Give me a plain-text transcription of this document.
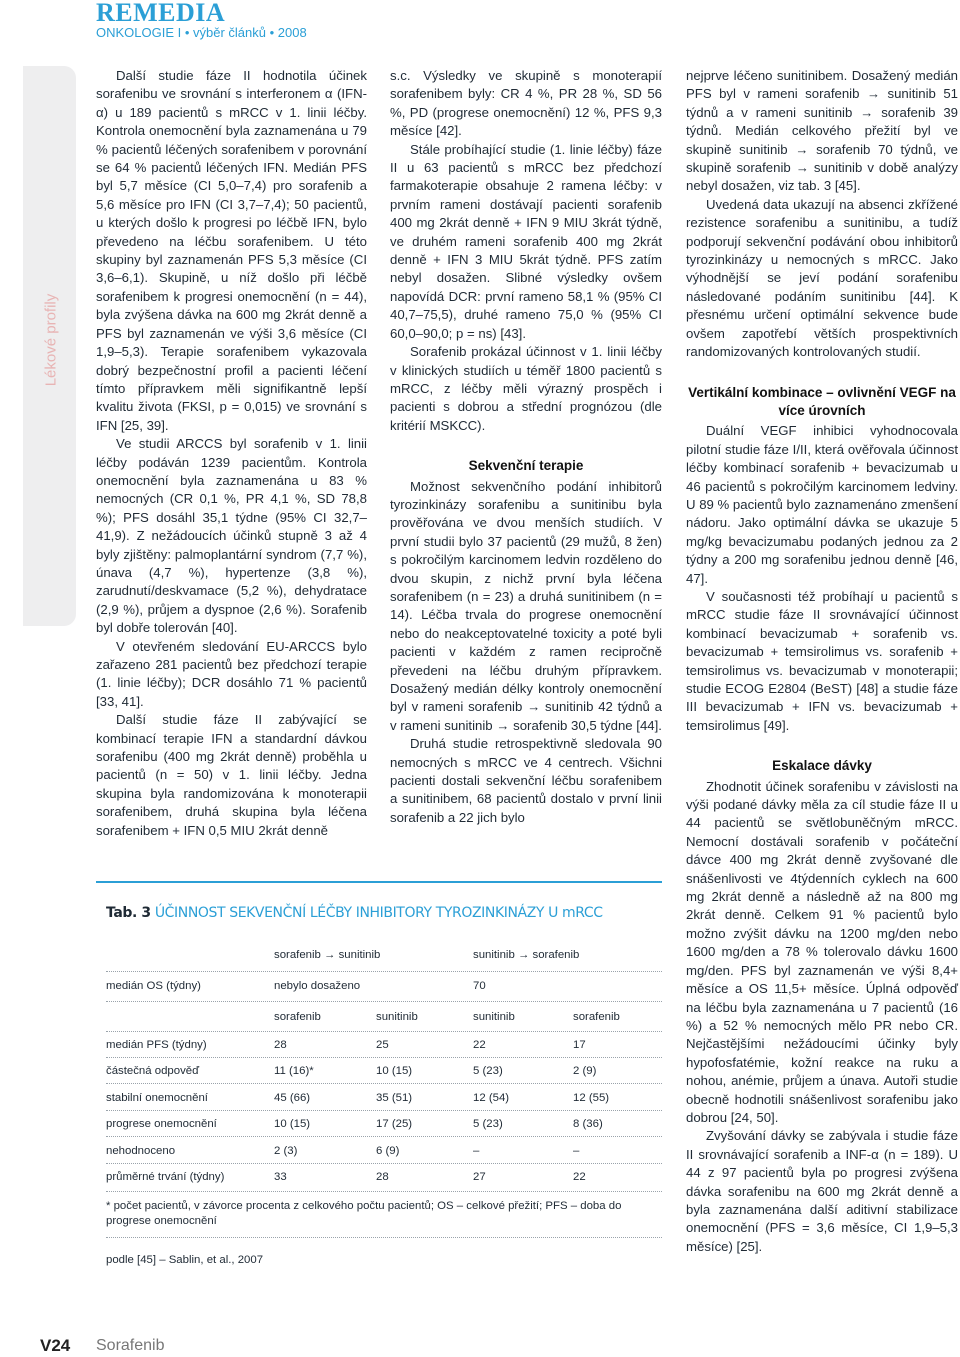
REMEDIA
ONKOLOGIE I • výběr článků • 2008
Lékové profily

Další studie fáze II hodnotila účinek sorafenibu ve srovnání s interferonem α (IFN-α) u 189 pacientů s mRCC v 1. linii léčby. Kontrola onemocnění byla zaznamenána u 79 % pacientů léčených sorafenibem v porovnání se 64 % pacientů léčených IFN. Medián PFS byl 5,7 měsíce (CI 5,0–7,4) pro sorafenib a 5,6 měsíce pro IFN (CI 3,7–7,4); 50 pacientů, u kterých došlo k progresi po léčbě IFN, bylo převedeno na léčbu sorafenibem. U této skupiny byl zaznamenán PFS 5,3 měsíce (CI 3,6–6,1). Skupině, u níž došlo při léčbě sorafenibem k progresi onemocnění (n = 44), byla zvýšena dávka na 600 mg 2krát denně a PFS byl zaznamenán ve výši 3,6 měsíce (CI 1,9–5,3). Terapie sorafenibem vykazovala dobrý bezpečnostní profil a pacienti léčení tímto přípravkem měli signifikantně lepší kvalitu života (FKSI, p = 0,015) ve srovnání s IFN [25, 39].

Ve studii ARCCS byl sorafenib v 1. linii léčby podáván 1239 pacientům. Kontrola onemocnění byla zaznamenána u 83 % nemocných (CR 0,1 %, PR 4,1 %, SD 78,8 %); PFS dosáhl 35,1 týdne (95% CI 32,7–41,9). Z nežádoucích účinků stupně 3 až 4 byly zjištěny: palmoplantární syndrom (7,7 %), únava (4,7 %), hypertenze (3,8 %), zarudnutí/deskvamace (5,2 %), dehydratace (2,9 %), průjem a dyspnoe (2,6 %). Sorafenib byl dobře tolerován [40].

V otevřeném sledování EU-ARCCS bylo zařazeno 281 pacientů bez předchozí terapie (1. linie léčby); DCR dosáhlo 71 % pacientů [33, 41].

Další studie fáze II zabývající se kombinací terapie IFN a standardní dávkou sorafenibu (400 mg 2krát denně) proběhla u pacientů (n = 50) v 1. linii léčby. Jedna skupina byla randomizována k monoterapii sorafenibem, druhá skupina byla léčena sorafenibem + IFN 0,5 MIU 2krát denně

s.c. Výsledky ve skupině s monoterapií sorafenibem byly: CR 4 %, PR 28 %, SD 56 %, PD (progrese onemocnění) 12 %, PFS 9,3 měsíce [42].

Stále probíhající studie (1. linie léčby) fáze II u 63 pacientů s mRCC bez předchozí farmakoterapie obsahuje 2 ramena léčby: v prvním rameni dostávají pacienti sorafenib 400 mg 2krát denně + IFN 9 MIU 3krát týdně, ve druhém rameni sorafenib 400 mg 2krát denně + IFN 3 MIU 5krát týdně. PFS zatím nebyl dosažen. Slibné výsledky ovšem napovídá DCR: první rameno 58,1 % (95% CI 40,7–75,5), druhé rameno 75,0 % (95% CI 60,0–90,0; p = ns) [43].

Sorafenib prokázal účinnost v 1. linii léčby v klinických studiích u téměř 1800 pacientů s mRCC, z léčby měli výrazný prospěch i pacienti s dobrou a střední prognózou (dle kritérií MSKCC).

Sekvenční terapie

Možnost sekvenčního podání inhibitorů tyrozinkinázy sorafenibu a sunitinibu byla prověřována ve dvou menších studiích. V první studii bylo 37 pacientů (29 mužů, 8 žen) s pokročilým karcinomem ledvin rozděleno do dvou skupin, z nichž první byla léčena sorafenibem (n = 23) a druhá sunitinibem (n = 14). Léčba trvala do progrese onemocnění nebo do neakceptovatelné toxicity a poté byli pacienti v každém z ramen recipročně převedeni na léčbu druhým přípravkem. Dosažený medián délky kontroly onemocnění byl v rameni sorafenib → sunitinib 42 týdnů a v rameni sunitinib → sorafenib 30,5 týdne [44].

Druhá studie retrospektivně sledovala 90 nemocných s mRCC ve 4 centrech. Všichni pacienti dostali sekvenční léčbu sorafenibem a sunitinibem, 68 pacientů dostalo v první linii sorafenib a 22 jich bylo

nejprve léčeno sunitinibem. Dosažený medián PFS byl v rameni sorafenib → sunitinib 51 týdnů a v rameni sunitinib → sorafenib 39 týdnů. Medián celkového přežití byl ve skupině sunitinib → sorafenib 70 týdnů, ve skupině sorafenib → sunitinib v době analýzy nebyl dosažen, viz tab. 3 [45].

Uvedená data ukazují na absenci zkřížené rezistence sorafenibu a sunitinibu, a tudíž podporují sekvenční podávání obou inhibitorů tyrozinkinázy u nemocných s mRCC. Jako výhodnější se jeví podání sorafenibu následované podáním sunitinibu [44]. K přesnému určení optimální sekvence bude ovšem zapotřebí větších prospektivních randomizovaných kontrolovaných studií.

Vertikální kombinace – ovlivnění VEGF na více úrovních

Duální VEGF inhibici vyhodnocovala pilotní studie fáze I/II, která ověřovala účinnost léčby kombinací sorafenib + bevacizumab u 46 pacientů s pokročilým karcinomem ledviny. U 89 % pacientů bylo zaznamenáno zmenšení nádoru. Jako optimální dávka se ukazuje 5 mg/kg bevacizumabu podaných jednou za 2 týdny a 200 mg sorafenibu jednou denně [46, 47].

V současnosti též probíhají u pacientů s mRCC studie fáze II srovnávající účinnost kombinací bevacizumab + sorafenib vs. bevacizumab + temsirolimus vs. sorafenib + temsirolimus vs. bevacizumab v monoterapii; studie ECOG E2804 (BeST) [48] a studie fáze III bevacizumab + IFN vs. bevacizumab + temsirolimus [49].

Eskalace dávky

Zhodnotit účinek sorafenibu v závislosti na výši podané dávky měla za cíl studie fáze II u 44 pacientů se světlobuněčným mRCC. Nemocní dostávali sorafenib v počáteční dávce 400 mg 2krát denně zvyšované dle snášenlivosti ve 4týdenních cyklech na 600 mg 2krát denně a následně až na 800 mg 2krát denně. Celkem 91 % pacientů bylo možno zvýšit dávku na 1200 mg/den nebo 1600 mg/den a 78 % tolerovalo dávku 1600 mg/den. PFS byl zaznamenán ve výši 8,4+ měsíce a OS 11,5+ měsíce. Úplná odpověď na léčbu byla zaznamenána u 7 pacientů (16 %) a 52 % nemocných mělo PR nebo CR. Nejčastějšími nežádoucími účinky byly hypofosfatémie, kožní reakce na ruku a nohou, anémie, průjem a únava. Autoři studie obecně hodnotili snášenlivost sorafenibu jako dobrou [24, 50].

Zvyšování dávky se zabývala i studie fáze II srovnávající sorafenib a INF-α (n = 189). U 44 z 97 pacientů byla po progresi zvýšena dávka sorafenibu na 600 mg 2krát denně a byla zaznamenána další aditivní stabilizace onemocnění (PFS = 3,6 měsíce, CI 1,9–5,3 měsíce) [25].

Tab. 3 ÚČINNOST SEKVENČNÍ LÉČBY INHIBITORY TYROZINKINÁZY U mRCC
sorafenib → sunitinib	sunitinib → sorafenib
medián OS (týdny)	nebylo dosaženo	70
sorafenib	sunitinib	sunitinib	sorafenib
medián PFS (týdny)	28	25	22	17
částečná odpověď	11 (16)*	10 (15)	5 (23)	2 (9)
stabilní onemocnění	45 (66)	35 (51)	12 (54)	12 (55)
progrese onemocnění	10 (15)	17 (25)	5 (23)	8 (36)
nehodnoceno	2 (3)	6 (9)	–	–
průměrné trvání (týdny)	33	28	27	22
* počet pacientů, v závorce procenta z celkového počtu pacientů; OS – celkové přežití; PFS – doba do progrese onemocnění
podle [45] – Sablin, et al., 2007
V24 Sorafenib
